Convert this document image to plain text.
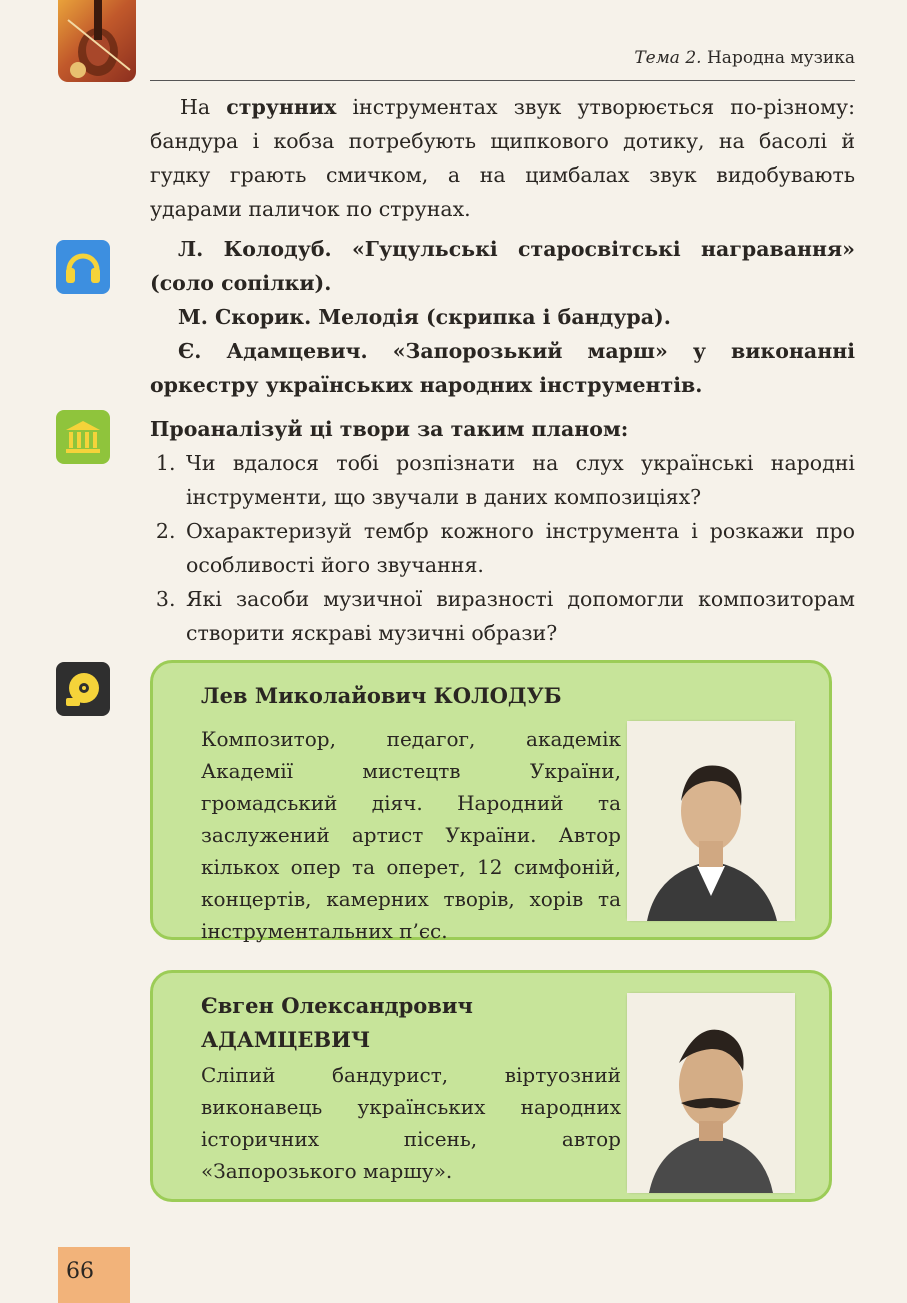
Тема 2. Народна музика
На струнних інструментах звук утворюється по-різному: бандура і кобза потребують щипкового дотику, на басолі й гудку грають смичком, а на цимбалах звук видобувають ударами паличок по струнах.

Л. Колодуб. «Гуцульські старосвітські награвання» (соло сопілки).

М. Скорик. Мелодія (скрипка і бандура).

Є. Адамцевич. «Запорозький марш» у виконанні оркестру українських народних інструментів.

Проаналізуй ці твори за таким планом:

1. Чи вдалося тобі розпізнати на слух українські народні інструменти, що звучали в даних композиціях?
2. Охарактеризуй тембр кожного інструмента і розкажи про особливості його звучання.
3. Які засоби музичної виразності допомогли композиторам створити яскраві музичні образи?
Лев Миколайович КОЛОДУБ
Композитор, педагог, академік Академії мистецтв України, громадський діяч. Народний та заслужений артист України. Автор кількох опер та оперет, 12 симфоній, концертів, камерних творів, хорів та інструментальних п’єс.
Євген Олександрович АДАМЦЕВИЧ
Сліпий бандурист, віртуозний виконавець українських народних історичних пісень, автор «Запорозького маршу».
66
